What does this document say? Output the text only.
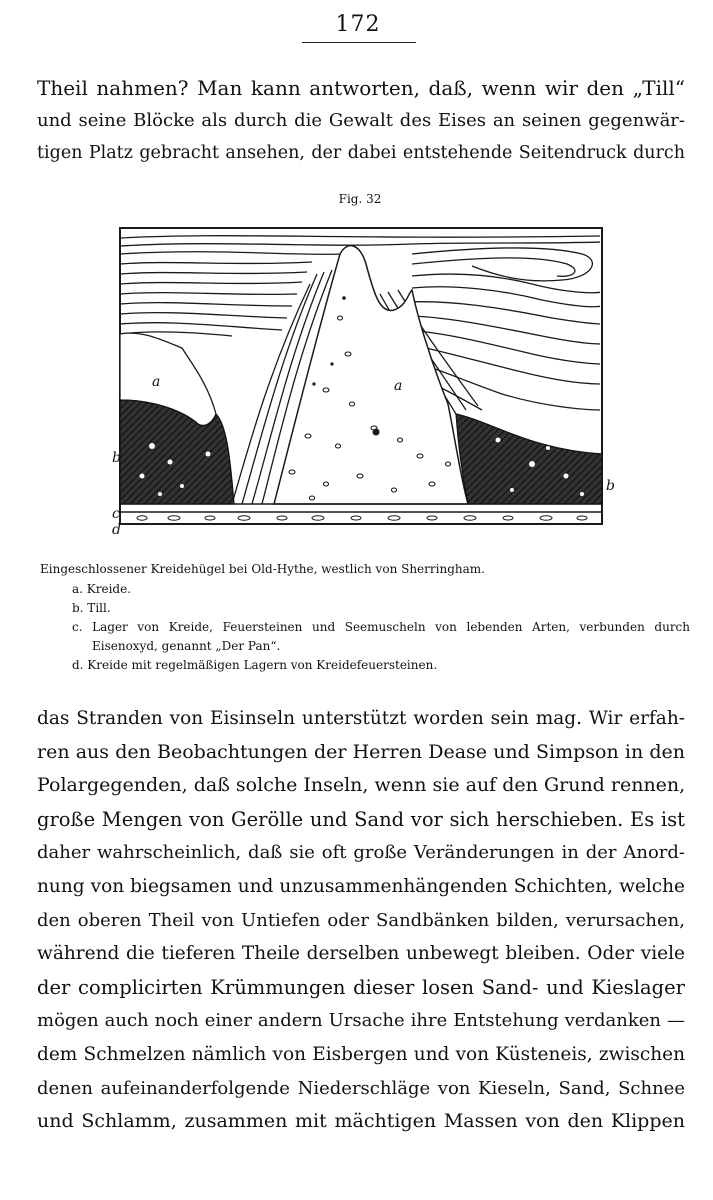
172
Theil nahmen? Man kann antworten, daß, wenn wir den „Till“
und seine Blöcke als durch die Gewalt des Eises an seinen gegenwär-
tigen Platz gebracht ansehen, der dabei entstehende Seitendruck durch
Fig. 32
a	a
b
b
c
d
Eingeschlossener Kreidehügel bei Old-Hythe, westlich von Sherringham.
a. Kreide.
b. Till.
c. Lager von Kreide, Feuersteinen und Seemuscheln von lebenden Arten, verbunden durch
Eisenoxyd, genannt „Der Pan“.
d. Kreide mit regelmäßigen Lagern von Kreidefeuersteinen.
das Stranden von Eisinseln unterstützt worden sein mag. Wir erfah-
ren aus den Beobachtungen der Herren Dease und Simpson in den
Polargegenden, daß solche Inseln, wenn sie auf den Grund rennen,
große Mengen von Gerölle und Sand vor sich herschieben. Es ist
daher wahrscheinlich, daß sie oft große Veränderungen in der Anord-
nung von biegsamen und unzusammenhängenden Schichten, welche
den oberen Theil von Untiefen oder Sandbänken bilden, verursachen,
während die tieferen Theile derselben unbewegt bleiben. Oder viele
der complicirten Krümmungen dieser losen Sand- und Kieslager
mögen auch noch einer andern Ursache ihre Entstehung verdanken —
dem Schmelzen nämlich von Eisbergen und von Küsteneis, zwischen
denen aufeinanderfolgende Niederschläge von Kieseln, Sand, Schnee
und Schlamm, zusammen mit mächtigen Massen von den Klippen
